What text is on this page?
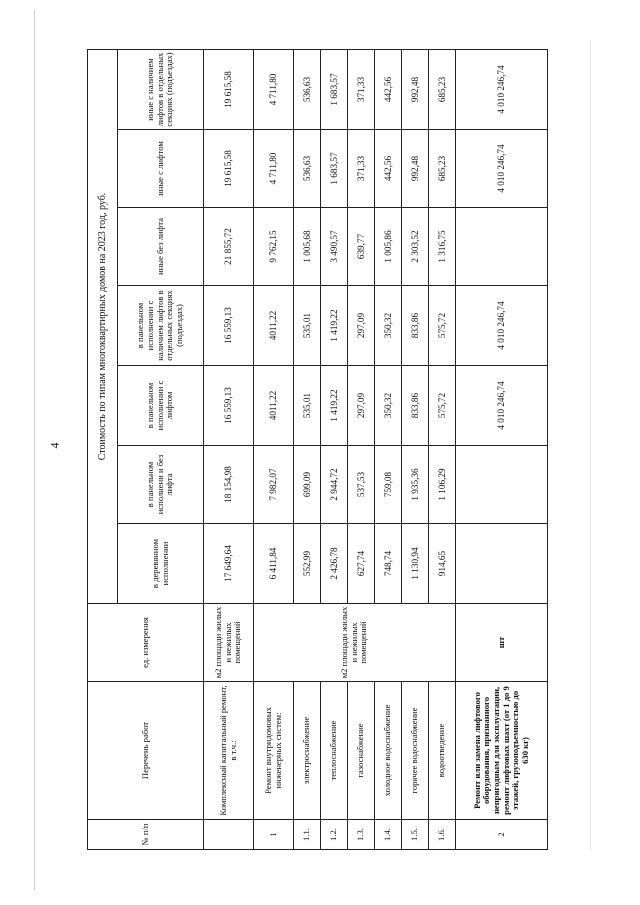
4
№ п/п	Перечень работ	ед. измерения	Стоимость по типам многоквартирных домов на 2023 год, руб.						
			в деревянном исполнении	в панельном исполнени и без лифта	в панельном исполнении с лифтом	в панельном исполнении с наличием лифтов в отдельных секциях (подъездах)	иные без лифта	иные с лифтом	иные с наличием лифтов в отдельных секциях (подъездах)
	Комплексный капитальный ремонт, в т.ч.:	м2 площади жилых и нежилых помещений	17 649,64	18 154,98	16 559,13	16 559,13	21 855,72	19 615,58	19 615,58
1	Ремонт внутридомовых инженерных систем:	м2 площади жилых и нежилых помещений	6 411,84	7 982,07	4011,22	4011,22	9 762,15	4 711,80	4 711,80
1.1.	электроснабжение		552,99	699,09	535,01	535,01	1 005,68	536,63	536,63
1.2.	теплоснабжение		2 426,78	2 944,72	1 419,22	1 419,22	3 490,57	1 683,57	1 683,57
1.3.	газоснабжение		627,74	537,53	297,09	297,09	639,77	371,33	371,33
1.4.	холодное водоснабжение		748,74	759,08	350,32	350,32	1 005,86	442,56	442,56
1.5.	горячее водоснабжение		1 130,94	1 935,36	833,86	833,86	2 303,52	992,48	992,48
1.6.	водоотведение		914,65	1 106,29	575,72	575,72	1 316,75	685,23	685,23
2	Ремонт или замена лифтового оборудования, признанного непригодным для эксплуатации, ремонт лифтовых шахт (от 1 до 9 этажей, грузоподъемностью до 630 кг)	шт			4 010 246,74	4 010 246,74		4 010 246,74	4 010 246,74
